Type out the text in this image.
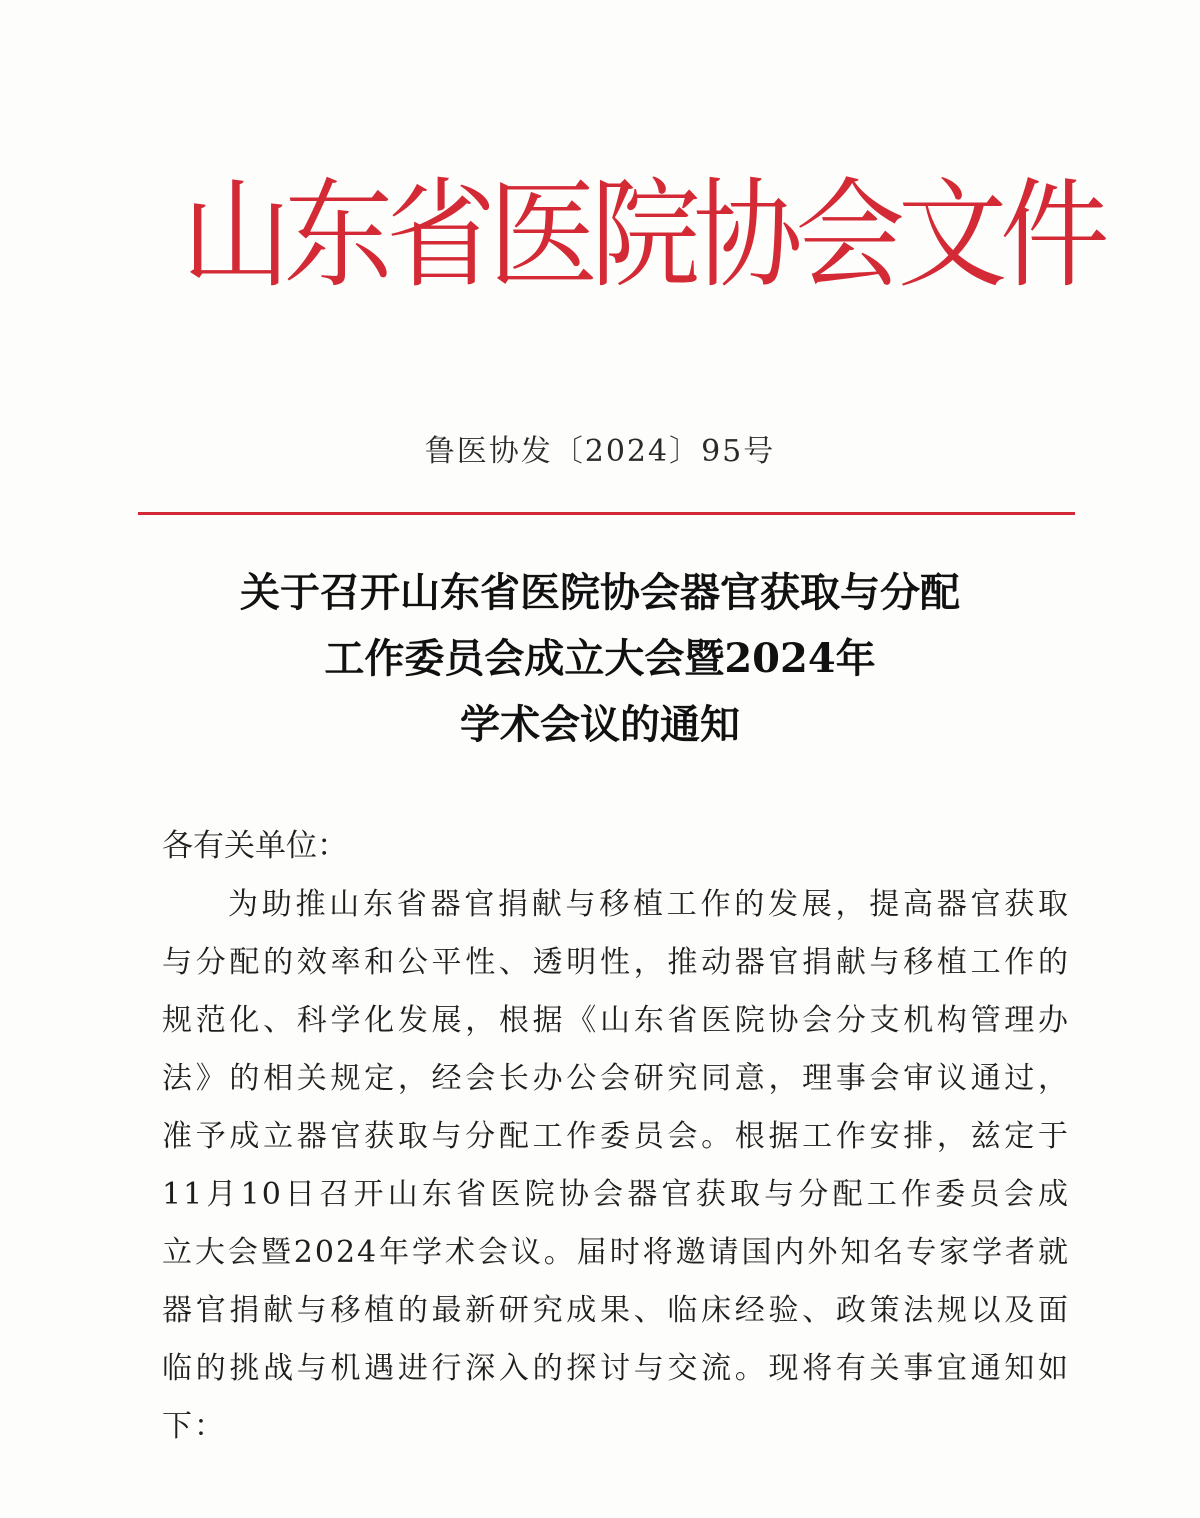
山东省医院协会文件
鲁医协发〔2024〕95号
关于召开山东省医院协会器官获取与分配
工作委员会成立大会暨2024年
学术会议的通知
各有关单位：
为助推山东省器官捐献与移植工作的发展，提高器官获取
与分配的效率和公平性、透明性，推动器官捐献与移植工作的
规范化、科学化发展，根据《山东省医院协会分支机构管理办
法》的相关规定，经会长办公会研究同意，理事会审议通过，
准予成立器官获取与分配工作委员会。根据工作安排，兹定于
11月10日召开山东省医院协会器官获取与分配工作委员会成
立大会暨2024年学术会议。届时将邀请国内外知名专家学者就
器官捐献与移植的最新研究成果、临床经验、政策法规以及面
临的挑战与机遇进行深入的探讨与交流。现将有关事宜通知如
下：
